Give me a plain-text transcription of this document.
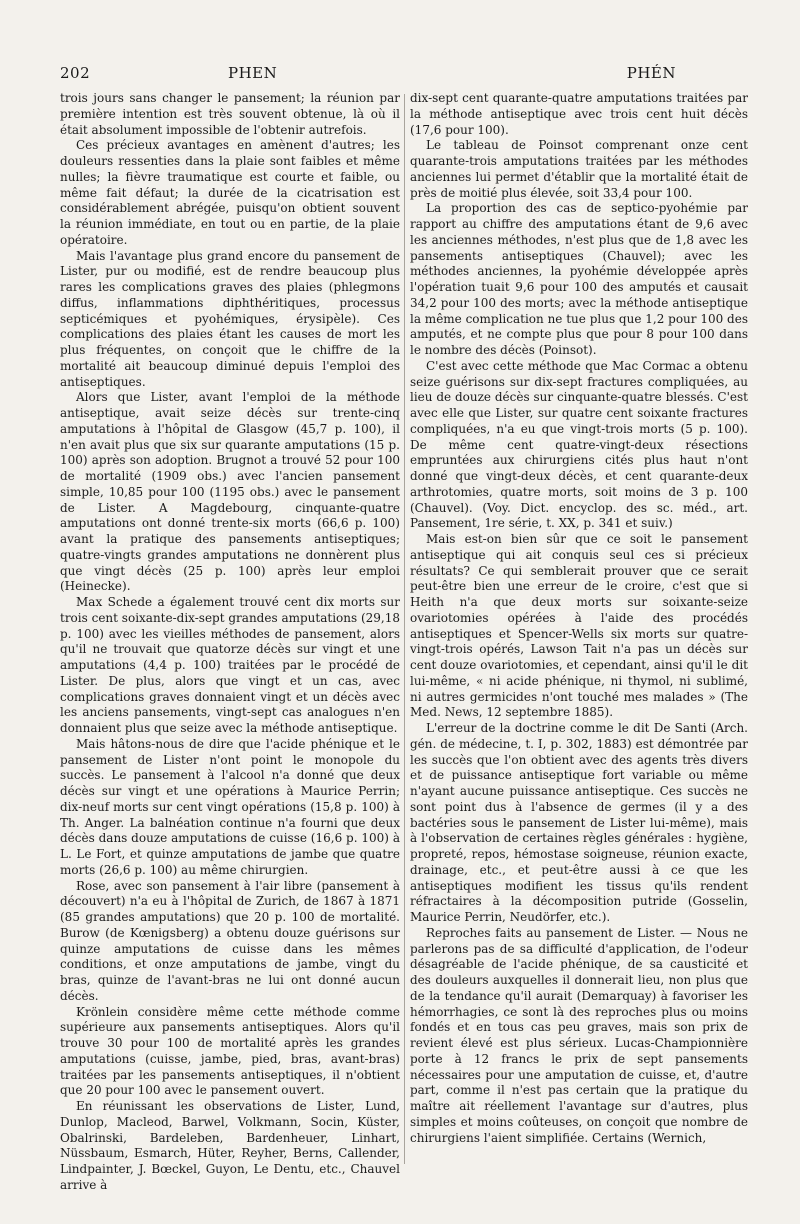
202	PHEN	PHÉN

trois jours sans changer le pansement; la réunion par première intention est très souvent obtenue, là où il était absolument impossible de l'obtenir autrefois.

Ces précieux avantages en amènent d'autres; les douleurs ressenties dans la plaie sont faibles et même nulles; la fièvre traumatique est courte et faible, ou même fait défaut; la durée de la cicatrisation est considérablement abrégée, puisqu'on obtient souvent la réunion immédiate, en tout ou en partie, de la plaie opératoire.

Mais l'avantage plus grand encore du pansement de Lister, pur ou modifié, est de rendre beaucoup plus rares les complications graves des plaies (phlegmons diffus, inflammations diphthéritiques, processus septicémiques et pyohémiques, érysipèle). Ces complications des plaies étant les causes de mort les plus fréquentes, on conçoit que le chiffre de la mortalité ait beaucoup diminué depuis l'emploi des antiseptiques.

Alors que Lister, avant l'emploi de la méthode antiseptique, avait seize décès sur trente-cinq amputations à l'hôpital de Glasgow (45,7 p. 100), il n'en avait plus que six sur quarante amputations (15 p. 100) après son adoption. Brugnot a trouvé 52 pour 100 de mortalité (1909 obs.) avec l'ancien pansement simple, 10,85 pour 100 (1195 obs.) avec le pansement de Lister. A Magdebourg, cinquante-quatre amputations ont donné trente-six morts (66,6 p. 100) avant la pratique des pansements antiseptiques; quatre-vingts grandes amputations ne donnèrent plus que vingt décès (25 p. 100) après leur emploi (Heinecke).

Max Schede a également trouvé cent dix morts sur trois cent soixante-dix-sept grandes amputations (29,18 p. 100) avec les vieilles méthodes de pansement, alors qu'il ne trouvait que quatorze décès sur vingt et une amputations (4,4 p. 100) traitées par le procédé de Lister. De plus, alors que vingt et un cas, avec complications graves donnaient vingt et un décès avec les anciens pansements, vingt-sept cas analogues n'en donnaient plus que seize avec la méthode antiseptique.

Mais hâtons-nous de dire que l'acide phénique et le pansement de Lister n'ont point le monopole du succès. Le pansement à l'alcool n'a donné que deux décès sur vingt et une opérations à Maurice Perrin; dix-neuf morts sur cent vingt opérations (15,8 p. 100) à Th. Anger. La balnéation continue n'a fourni que deux décès dans douze amputations de cuisse (16,6 p. 100) à L. Le Fort, et quinze amputations de jambe que quatre morts (26,6 p. 100) au même chirurgien.

Rose, avec son pansement à l'air libre (pansement à découvert) n'a eu à l'hôpital de Zurich, de 1867 à 1871 (85 grandes amputations) que 20 p. 100 de mortalité. Burow (de Kœnigsberg) a obtenu douze guérisons sur quinze amputations de cuisse dans les mêmes conditions, et onze amputations de jambe, vingt du bras, quinze de l'avant-bras ne lui ont donné aucun décès.

Krönlein considère même cette méthode comme supérieure aux pansements antiseptiques. Alors qu'il trouve 30 pour 100 de mortalité après les grandes amputations (cuisse, jambe, pied, bras, avant-bras) traitées par les pansements antiseptiques, il n'obtient que 20 pour 100 avec le pansement ouvert.

En réunissant les observations de Lister, Lund, Dunlop, Macleod, Barwel, Volkmann, Socin, Küster, Obalrinski, Bardeleben, Bardenheuer, Linhart, Nüssbaum, Esmarch, Hüter, Reyher, Berns, Callender, Lindpainter, J. Bœckel, Guyon, Le Dentu, etc., Chauvel arrive à

dix-sept cent quarante-quatre amputations traitées par la méthode antiseptique avec trois cent huit décès (17,6 pour 100).

Le tableau de Poinsot comprenant onze cent quarante-trois amputations traitées par les méthodes anciennes lui permet d'établir que la mortalité était de près de moitié plus élevée, soit 33,4 pour 100.

La proportion des cas de septico-pyohémie par rapport au chiffre des amputations étant de 9,6 avec les anciennes méthodes, n'est plus que de 1,8 avec les pansements antiseptiques (Chauvel); avec les méthodes anciennes, la pyohémie développée après l'opération tuait 9,6 pour 100 des amputés et causait 34,2 pour 100 des morts; avec la méthode antiseptique la même complication ne tue plus que 1,2 pour 100 des amputés, et ne compte plus que pour 8 pour 100 dans le nombre des décès (Poinsot).

C'est avec cette méthode que Mac Cormac a obtenu seize guérisons sur dix-sept fractures compliquées, au lieu de douze décès sur cinquante-quatre blessés. C'est avec elle que Lister, sur quatre cent soixante fractures compliquées, n'a eu que vingt-trois morts (5 p. 100). De même cent quatre-vingt-deux résections empruntées aux chirurgiens cités plus haut n'ont donné que vingt-deux décès, et cent quarante-deux arthrotomies, quatre morts, soit moins de 3 p. 100 (Chauvel). (Voy. Dict. encyclop. des sc. méd., art. Pansement, 1re série, t. XX, p. 341 et suiv.)

Mais est-on bien sûr que ce soit le pansement antiseptique qui ait conquis seul ces si précieux résultats? Ce qui semblerait prouver que ce serait peut-être bien une erreur de le croire, c'est que si Heith n'a que deux morts sur soixante-seize ovariotomies opérées à l'aide des procédés antiseptiques et Spencer-Wells six morts sur quatre-vingt-trois opérés, Lawson Tait n'a pas un décès sur cent douze ovariotomies, et cependant, ainsi qu'il le dit lui-même, « ni acide phénique, ni thymol, ni sublimé, ni autres germicides n'ont touché mes malades » (The Med. News, 12 septembre 1885).

L'erreur de la doctrine comme le dit De Santi (Arch. gén. de médecine, t. I, p. 302, 1883) est démontrée par les succès que l'on obtient avec des agents très divers et de puissance antiseptique fort variable ou même n'ayant aucune puissance antiseptique. Ces succès ne sont point dus à l'absence de germes (il y a des bactéries sous le pansement de Lister lui-même), mais à l'observation de certaines règles générales : hygiène, propreté, repos, hémostase soigneuse, réunion exacte, drainage, etc., et peut-être aussi à ce que les antiseptiques modifient les tissus qu'ils rendent réfractaires à la décomposition putride (Gosselin, Maurice Perrin, Neudörfer, etc.).

Reproches faits au pansement de Lister. — Nous ne parlerons pas de sa difficulté d'application, de l'odeur désagréable de l'acide phénique, de sa causticité et des douleurs auxquelles il donnerait lieu, non plus que de la tendance qu'il aurait (Demarquay) à favoriser les hémorrhagies, ce sont là des reproches plus ou moins fondés et en tous cas peu graves, mais son prix de revient élevé est plus sérieux. Lucas-Championnière porte à 12 francs le prix de sept pansements nécessaires pour une amputation de cuisse, et, d'autre part, comme il n'est pas certain que la pratique du maître ait réellement l'avantage sur d'autres, plus simples et moins coûteuses, on conçoit que nombre de chirurgiens l'aient simplifiée. Certains (Wernich,
